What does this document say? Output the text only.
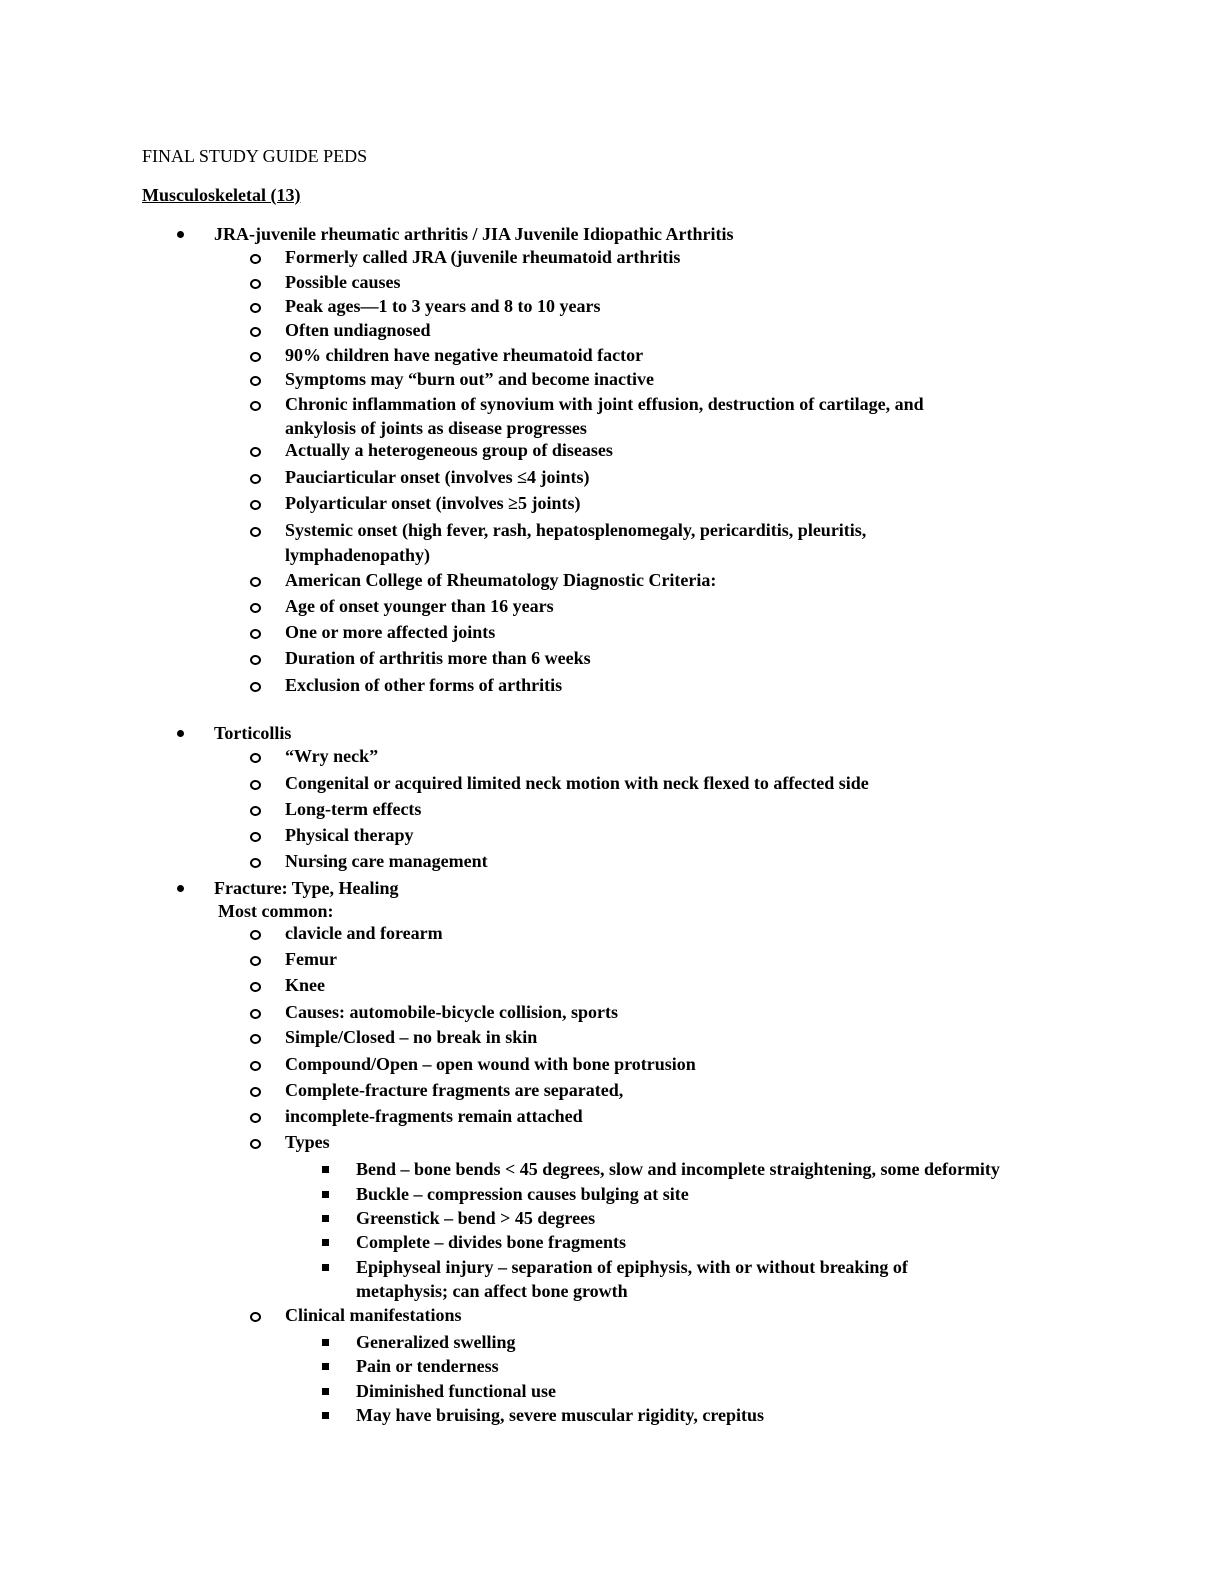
FINAL STUDY GUIDE PEDS
Musculoskeletal (13)
JRA-juvenile rheumatic arthritis / JIA Juvenile Idiopathic Arthritis
Formerly called JRA (juvenile rheumatoid arthritis
Possible causes
Peak ages—1 to 3 years and 8 to 10 years
Often undiagnosed
90% children have negative rheumatoid factor
Symptoms may “burn out” and become inactive
Chronic inflammation of synovium with joint effusion, destruction of cartilage, and
ankylosis of joints as disease progresses
Actually a heterogeneous group of diseases
Pauciarticular onset (involves ≤4 joints)
Polyarticular onset (involves ≥5 joints)
Systemic onset (high fever, rash, hepatosplenomegaly, pericarditis, pleuritis,
lymphadenopathy)
American College of Rheumatology Diagnostic Criteria:
Age of onset younger than 16 years
One or more affected joints
Duration of arthritis more than 6 weeks
Exclusion of other forms of arthritis
Torticollis
“Wry neck”
Congenital or acquired limited neck motion with neck flexed to affected side
Long-term effects
Physical therapy
Nursing care management
Fracture: Type, Healing
Most common:
clavicle and forearm
Femur
Knee
Causes: automobile-bicycle collision, sports
Simple/Closed – no break in skin
Compound/Open – open wound with bone protrusion
Complete-fracture fragments are separated,
incomplete-fragments remain attached
Types
Bend – bone bends < 45 degrees, slow and incomplete straightening, some deformity
Buckle – compression causes bulging at site
Greenstick – bend > 45 degrees
Complete – divides bone fragments
Epiphyseal injury – separation of epiphysis, with or without breaking of
metaphysis; can affect bone growth
Clinical manifestations
Generalized swelling
Pain or tenderness
Diminished functional use
May have bruising, severe muscular rigidity, crepitus
